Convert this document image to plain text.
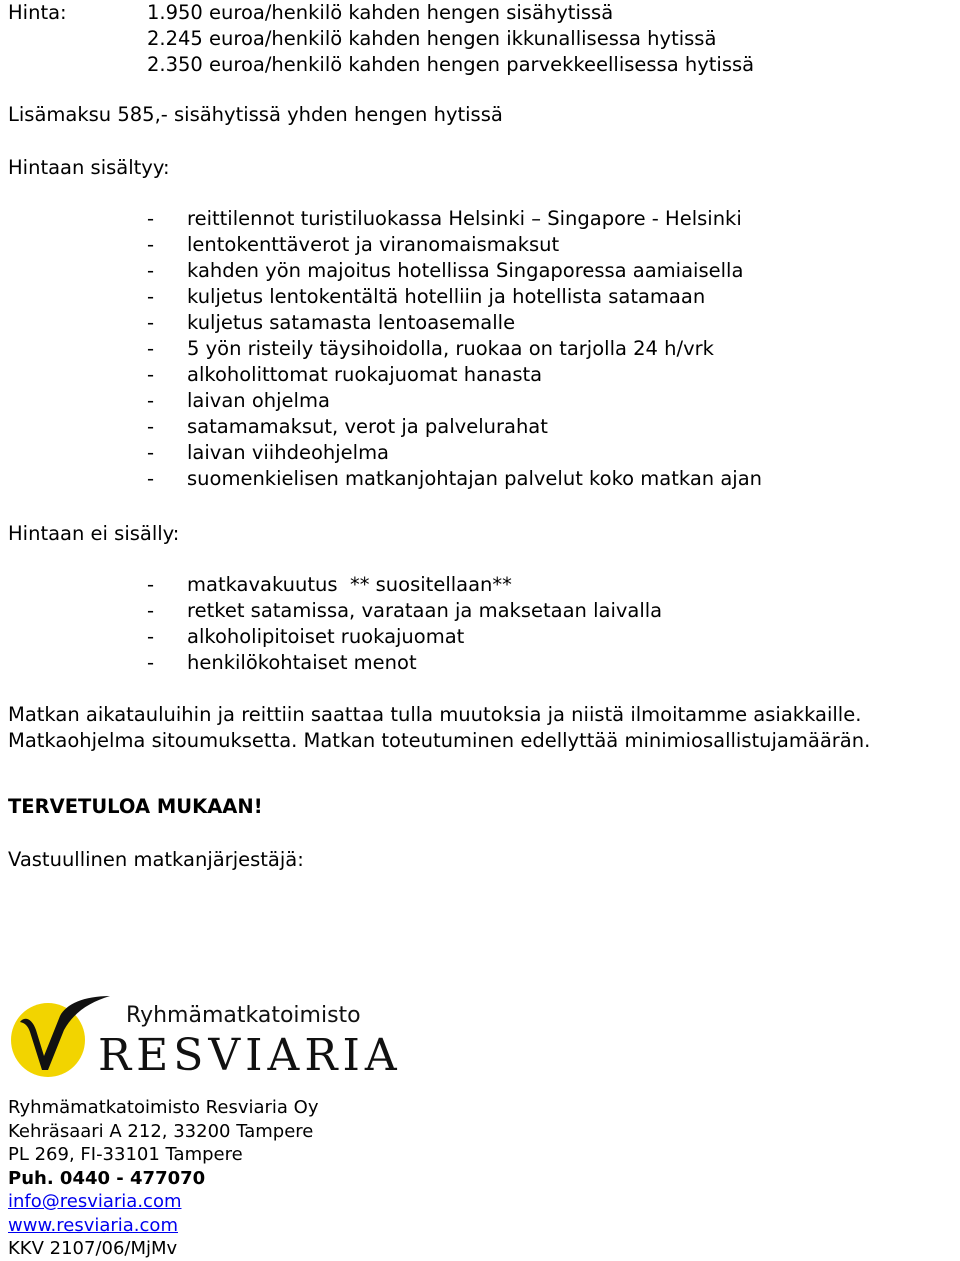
Hinta:	1.950 euroa/henkilö kahden hengen sisähytissä
2.245 euroa/henkilö kahden hengen ikkunallisessa hytissä
2.350 euroa/henkilö kahden hengen parvekkeellisessa hytissä
Lisämaksu 585,- sisähytissä yhden hengen hytissä
Hintaan sisältyy:
-	reittilennot turistiluokassa Helsinki – Singapore - Helsinki
-	lentokenttäverot ja viranomaismaksut
-	kahden yön majoitus hotellissa Singaporessa aamiaisella
-	kuljetus lentokentältä hotelliin ja hotellista satamaan
-	kuljetus satamasta lentoasemalle
-	5 yön risteily täysihoidolla, ruokaa on tarjolla 24 h/vrk
-	alkoholittomat ruokajuomat hanasta
-	laivan ohjelma
-	satamamaksut, verot ja palvelurahat
-	laivan viihdeohjelma
-	suomenkielisen matkanjohtajan palvelut koko matkan ajan
Hintaan ei sisälly:
-	matkavakuutus  ** suositellaan**
-	retket satamissa, varataan ja maksetaan laivalla
-	alkoholipitoiset ruokajuomat
-	henkilökohtaiset menot
Matkan aikatauluihin ja reittiin saattaa tulla muutoksia ja niistä ilmoitamme asiakkaille.
Matkaohjelma sitoumuksetta. Matkan toteutuminen edellyttää minimiosallistujamäärän.
TERVETULOA MUKAAN!
Vastuullinen matkanjärjestäjä:
Ryhmämatkatoimisto
RESVIARIA
Ryhmämatkatoimisto Resviaria Oy
Kehräsaari A 212, 33200 Tampere
PL 269, FI-33101 Tampere
Puh. 0440 - 477070
info@resviaria.com
www.resviaria.com
KKV 2107/06/MjMv
